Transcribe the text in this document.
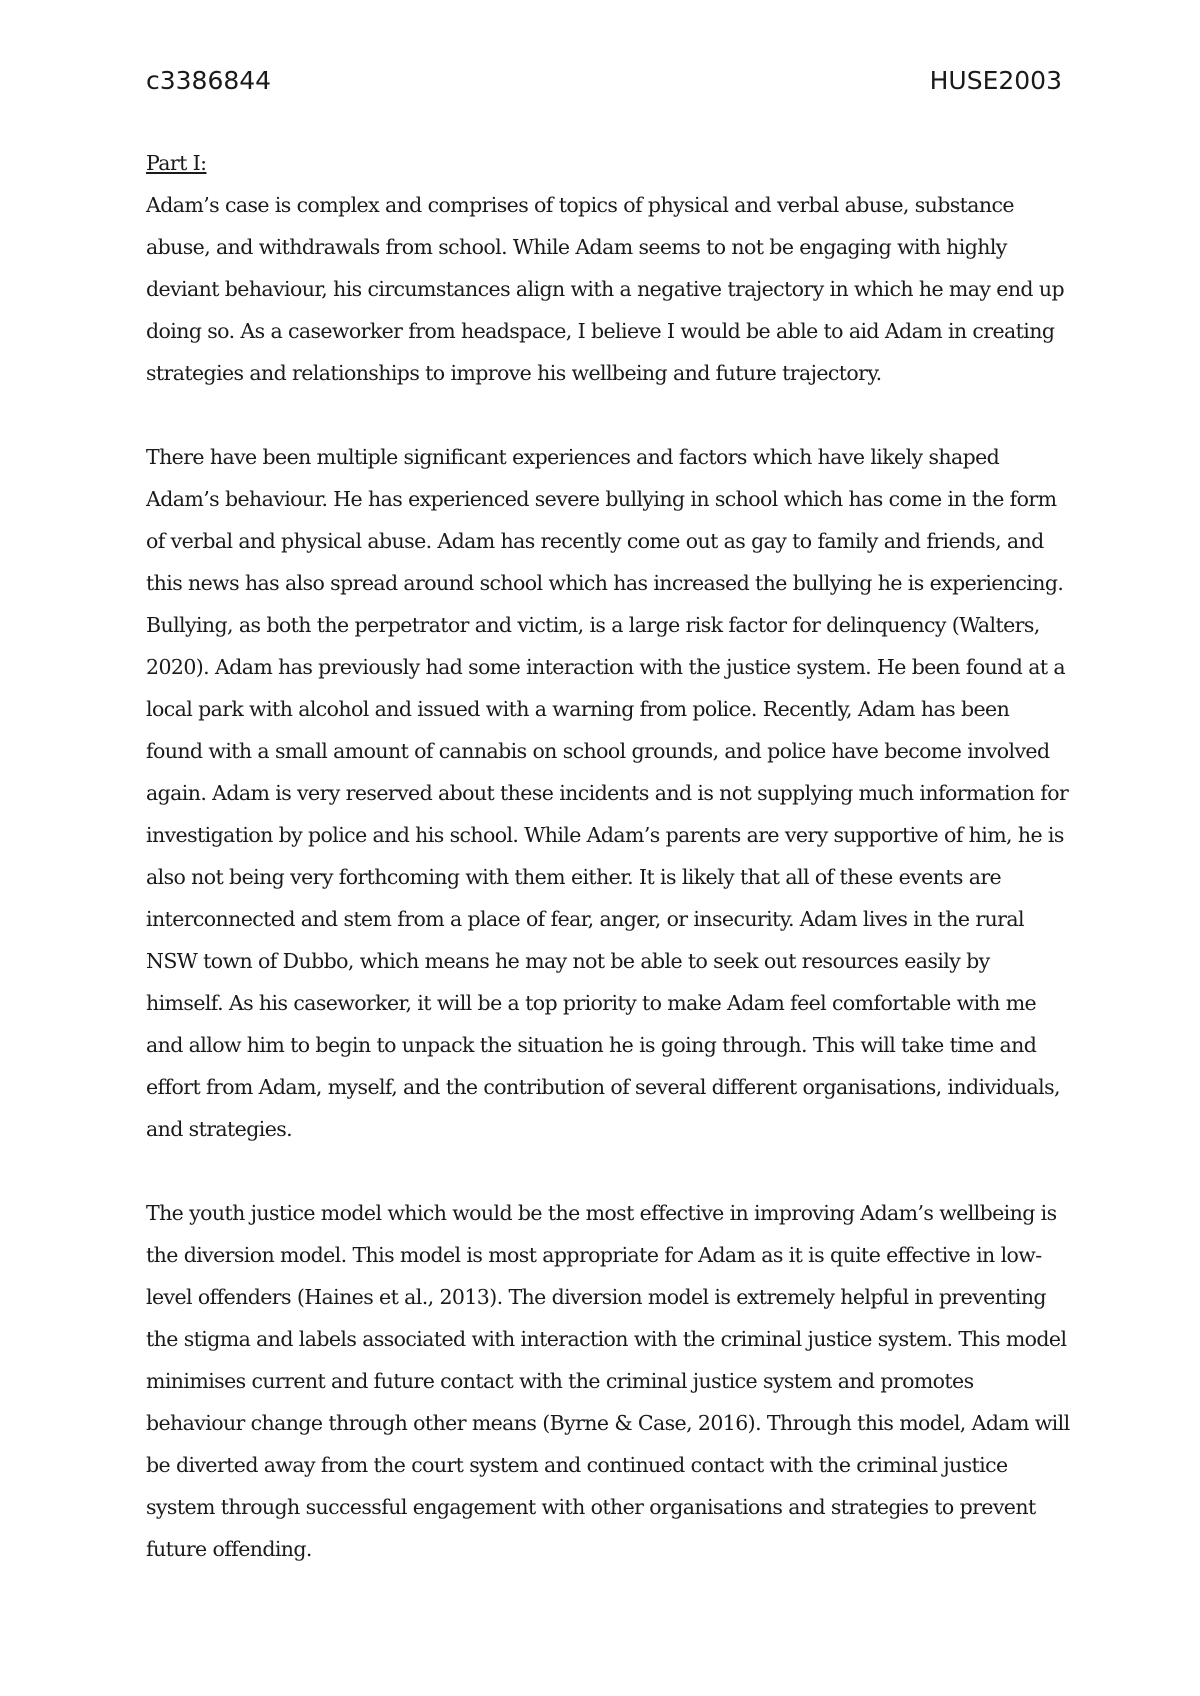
c3386844	HUSE2003
Part I:

Adam’s case is complex and comprises of topics of physical and verbal abuse, substance abuse, and withdrawals from school. While Adam seems to not be engaging with highly deviant behaviour, his circumstances align with a negative trajectory in which he may end up doing so. As a caseworker from headspace, I believe I would be able to aid Adam in creating strategies and relationships to improve his wellbeing and future trajectory.

There have been multiple significant experiences and factors which have likely shaped Adam’s behaviour. He has experienced severe bullying in school which has come in the form of verbal and physical abuse. Adam has recently come out as gay to family and friends, and this news has also spread around school which has increased the bullying he is experiencing. Bullying, as both the perpetrator and victim, is a large risk factor for delinquency (Walters, 2020). Adam has previously had some interaction with the justice system. He been found at a local park with alcohol and issued with a warning from police. Recently, Adam has been found with a small amount of cannabis on school grounds, and police have become involved again. Adam is very reserved about these incidents and is not supplying much information for investigation by police and his school. While Adam’s parents are very supportive of him, he is also not being very forthcoming with them either. It is likely that all of these events are interconnected and stem from a place of fear, anger, or insecurity. Adam lives in the rural NSW town of Dubbo, which means he may not be able to seek out resources easily by himself. As his caseworker, it will be a top priority to make Adam feel comfortable with me and allow him to begin to unpack the situation he is going through. This will take time and effort from Adam, myself, and the contribution of several different organisations, individuals, and strategies.

The youth justice model which would be the most effective in improving Adam’s wellbeing is the diversion model. This model is most appropriate for Adam as it is quite effective in low-level offenders (Haines et al., 2013). The diversion model is extremely helpful in preventing the stigma and labels associated with interaction with the criminal justice system. This model minimises current and future contact with the criminal justice system and promotes behaviour change through other means (Byrne & Case, 2016). Through this model, Adam will be diverted away from the court system and continued contact with the criminal justice system through successful engagement with other organisations and strategies to prevent future offending.
